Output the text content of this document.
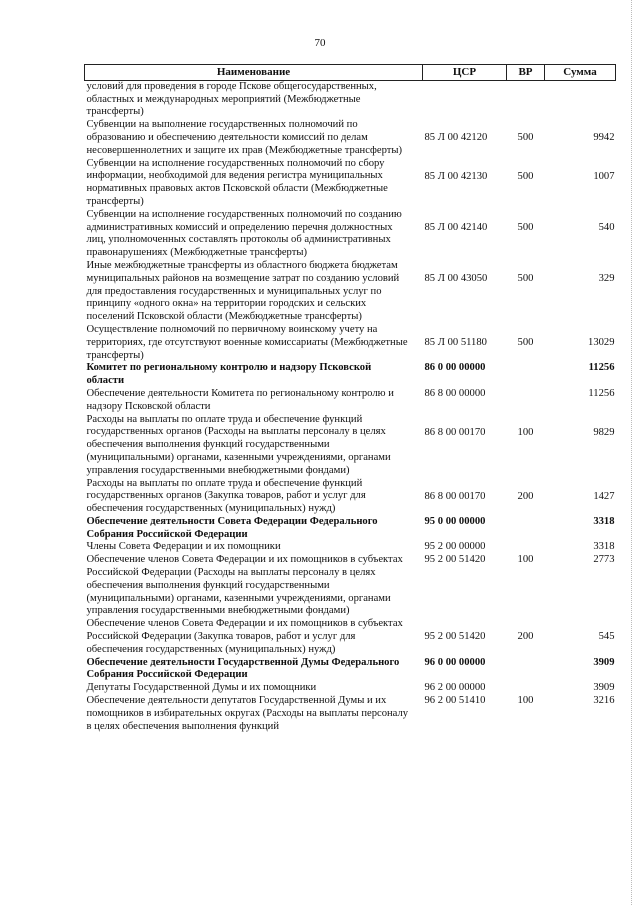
70
Наименование	ЦСР	ВР	Сумма
условий для проведения в городе Пскове общегосударственных, областных и международных мероприятий (Межбюджетные трансферты)			
Субвенции на выполнение государственных полномочий по образованию и обеспечению деятельности комиссий по делам несовершеннолетних и защите их прав (Межбюджетные трансферты)	85 Л 00 42120	500	9942
Субвенции на исполнение государственных полномочий по сбору информации, необходимой для ведения регистра муниципальных нормативных правовых актов Псковской области (Межбюджетные трансферты)	85 Л 00 42130	500	1007
Субвенции на исполнение государственных полномочий по созданию административных комиссий и определению перечня должностных лиц, уполномоченных составлять протоколы об административных правонарушениях (Межбюджетные трансферты)	85 Л 00 42140	500	540
Иные межбюджетные трансферты из областного бюджета бюджетам муниципальных районов на возмещение затрат по созданию условий для предоставления государственных и муниципальных услуг по принципу «одного окна» на территории городских и сельских поселений Псковской области (Межбюджетные трансферты)	85 Л 00 43050	500	329
Осуществление полномочий по первичному воинскому учету на территориях, где отсутствуют военные комиссариаты (Межбюджетные трансферты)	85 Л 00 51180	500	13029
Комитет по региональному контролю и надзору Псковской области	86 0 00 00000		11256
Обеспечение деятельности Комитета по региональному контролю и надзору Псковской области	86 8 00 00000		11256
Расходы на выплаты по оплате труда и обеспечение функций государственных органов (Расходы на выплаты персоналу в целях обеспечения выполнения функций государственными (муниципальными) органами, казенными учреждениями, органами управления государственными внебюджетными фондами)	86 8 00 00170	100	9829
Расходы на выплаты по оплате труда и обеспечение функций государственных органов (Закупка товаров, работ и услуг для обеспечения государственных (муниципальных) нужд)	86 8 00 00170	200	1427
Обеспечение деятельности Совета Федерации Федерального Собрания Российской Федерации	95 0 00 00000		3318
Члены Совета Федерации и их помощники	95 2 00 00000		3318
Обеспечение членов Совета Федерации и их помощников в субъектах Российской Федерации (Расходы на выплаты персоналу в целях обеспечения выполнения функций государственными (муниципальными) органами, казенными учреждениями, органами управления государственными внебюджетными фондами)	95 2 00 51420	100	2773
Обеспечение членов Совета Федерации и их помощников в субъектах Российской Федерации (Закупка товаров, работ и услуг для обеспечения государственных (муниципальных) нужд)	95 2 00 51420	200	545
Обеспечение деятельности Государственной Думы Федерального Собрания Российской Федерации	96 0 00 00000		3909
Депутаты Государственной Думы и их помощники	96 2 00 00000		3909
Обеспечение деятельности депутатов Государственной Думы и их помощников в избирательных округах (Расходы на выплаты персоналу в целях обеспечения выполнения функций	96 2 00 51410	100	3216
